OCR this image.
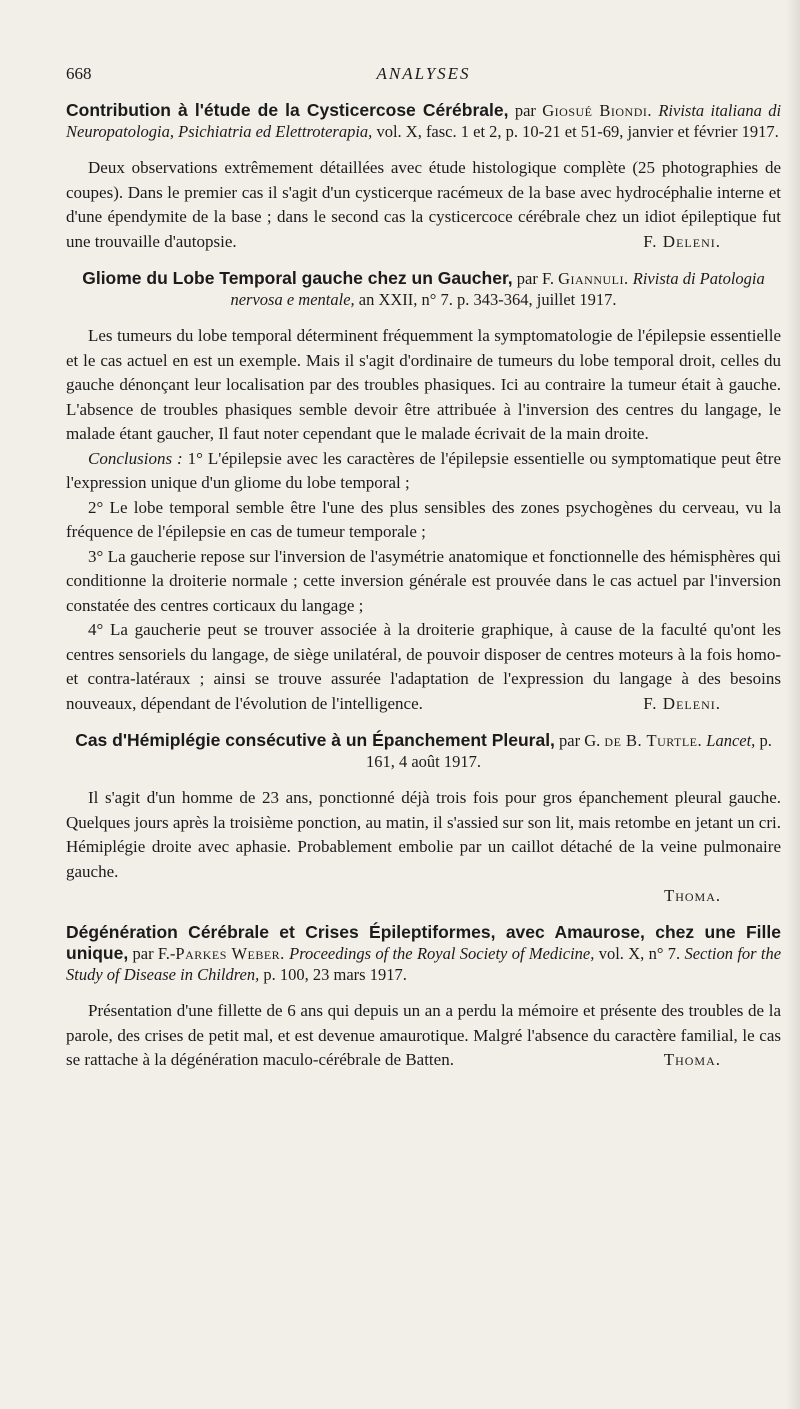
668	ANALYSES
Contribution à l'étude de la Cysticercose Cérébrale, par Giosué Biondi. Rivista italiana di Neuropatologia, Psichiatria ed Elettroterapia, vol. X, fasc. 1 et 2, p. 10-21 et 51-69, janvier et février 1917.

Deux observations extrêmement détaillées avec étude histologique complète (25 photographies de coupes). Dans le premier cas il s'agit d'un cysticerque racémeux de la base avec hydrocéphalie interne et d'une épendymite de la base ; dans le second cas la cysticercoce cérébrale chez un idiot épileptique fut une trouvaille d'autopsie.	F. Deleni.

Gliome du Lobe Temporal gauche chez un Gaucher, par F. Giannuli. Rivista di Patologia nervosa e mentale, an XXII, n° 7. p. 343-364, juillet 1917.

Les tumeurs du lobe temporal déterminent fréquemment la symptomatologie de l'épilepsie essentielle et le cas actuel en est un exemple. Mais il s'agit d'ordinaire de tumeurs du lobe temporal droit, celles du gauche dénonçant leur localisation par des troubles phasiques. Ici au contraire la tumeur était à gauche. L'absence de troubles phasiques semble devoir être attribuée à l'inversion des centres du langage, le malade étant gaucher, Il faut noter cependant que le malade écrivait de la main droite.

Conclusions : 1° L'épilepsie avec les caractères de l'épilepsie essentielle ou symptomatique peut être l'expression unique d'un gliome du lobe temporal ;

2° Le lobe temporal semble être l'une des plus sensibles des zones psychogènes du cerveau, vu la fréquence de l'épilepsie en cas de tumeur temporale ;

3° La gaucherie repose sur l'inversion de l'asymétrie anatomique et fonctionnelle des hémisphères qui conditionne la droiterie normale ; cette inversion générale est prouvée dans le cas actuel par l'inversion constatée des centres corticaux du langage ;

4° La gaucherie peut se trouver associée à la droiterie graphique, à cause de la faculté qu'ont les centres sensoriels du langage, de siège unilatéral, de pouvoir disposer de centres moteurs à la fois homo- et contra-latéraux ; ainsi se trouve assurée l'adaptation de l'expression du langage à des besoins nouveaux, dépendant de l'évolution de l'intelligence.	F. Deleni.

Cas d'Hémiplégie consécutive à un Épanchement Pleural, par G. de B. Turtle. Lancet, p. 161, 4 août 1917.

Il s'agit d'un homme de 23 ans, ponctionné déjà trois fois pour gros épanchement pleural gauche. Quelques jours après la troisième ponction, au matin, il s'assied sur son lit, mais retombe en jetant un cri. Hémiplégie droite avec aphasie. Probablement embolie par un caillot détaché de la veine pulmonaire gauche.

Thoma.
Dégénération Cérébrale et Crises Épileptiformes, avec Amaurose, chez une Fille unique, par F.-Parkes Weber. Proceedings of the Royal Society of Medicine, vol. X, n° 7. Section for the Study of Disease in Children, p. 100, 23 mars 1917.

Présentation d'une fillette de 6 ans qui depuis un an a perdu la mémoire et présente des troubles de la parole, des crises de petit mal, et est devenue amaurotique. Malgré l'absence du caractère familial, le cas se rattache à la dégénération maculo-cérébrale de Batten.	Thoma.
